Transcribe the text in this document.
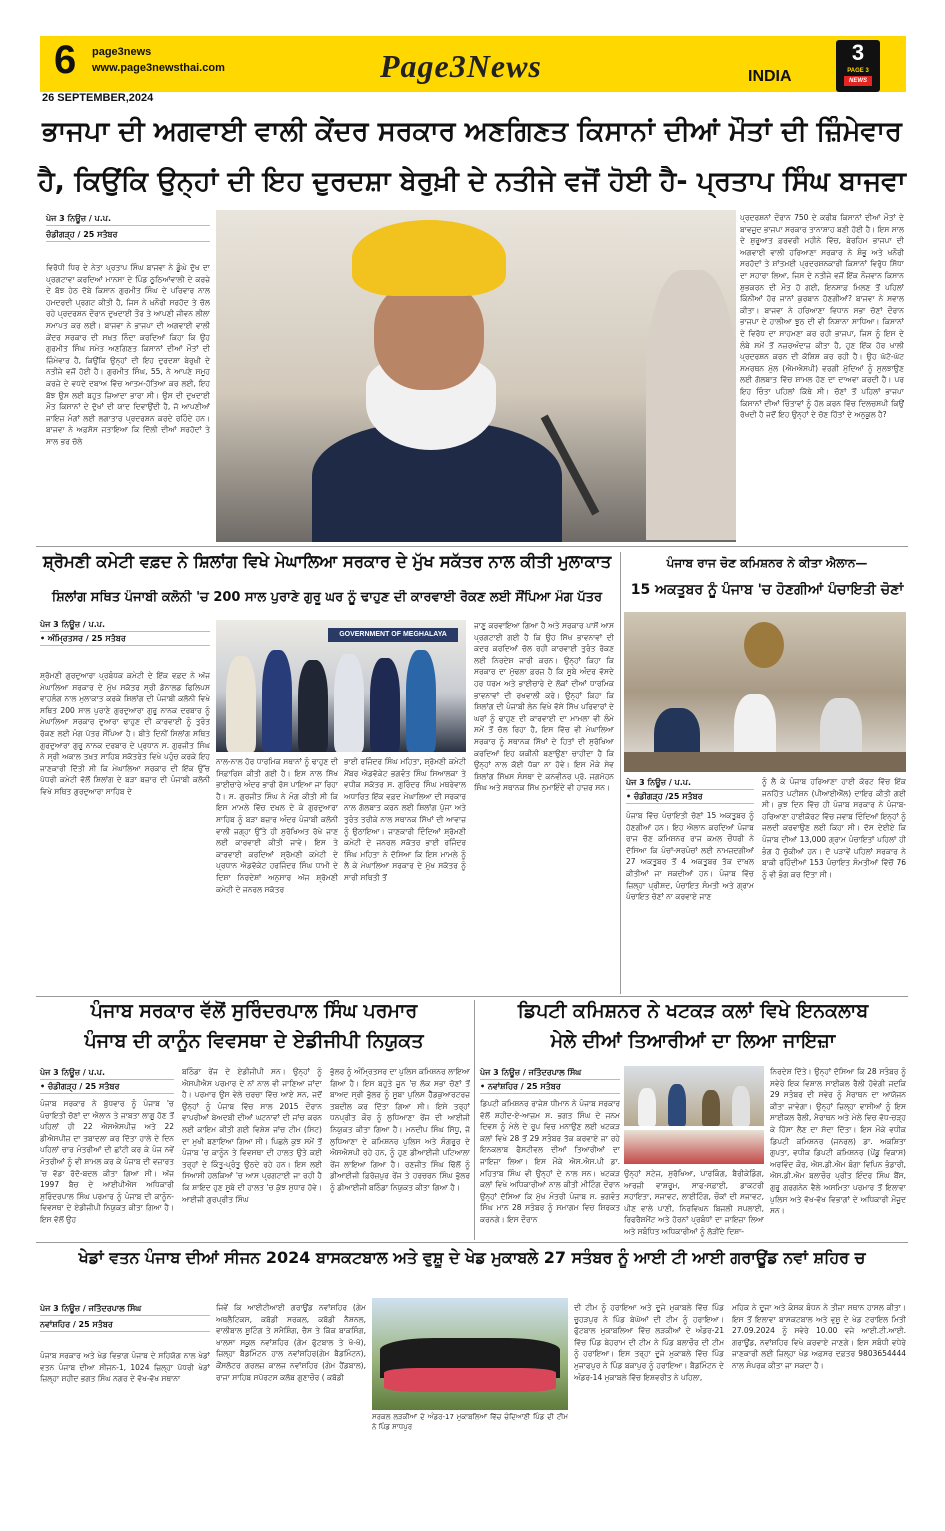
6 page3news
www.page3newsthai.com	Page3News	INDIA
3
PAGE 3
NEWS
26 SEPTEMBER,2024
ਭਾਜਪਾ ਦੀ ਅਗਵਾਈ ਵਾਲੀ ਕੇਂਦਰ ਸਰਕਾਰ ਅਣਗਿਣਤ ਕਿਸਾਨਾਂ ਦੀਆਂ ਮੌਤਾਂ ਦੀ ਜ਼ਿੰਮੇਵਾਰ
ਹੈ, ਕਿਉਂਕਿ ਉਨ੍ਹਾਂ ਦੀ ਇਹ ਦੁਰਦਸ਼ਾ ਬੇਰੁਖ਼ੀ ਦੇ ਨਤੀਜੇ ਵਜੋਂ ਹੋਈ ਹੈ- ਪ੍ਰਤਾਪ ਸਿੰਘ ਬਾਜਵਾ
ਪੇਜ 3 ਨਿਊਜ਼ / ਪ.ਪ.
ਚੰਡੀਗੜ੍ਹ / 25 ਸਤੰਬਰ
ਵਿਰੋਧੀ ਧਿਰ ਦੇ ਨੇਤਾ ਪ੍ਰਤਾਪ ਸਿੰਘ ਬਾਜਵਾ ਨੇ ਡੂੰਘੇ ਦੁੱਖ ਦਾ ਪ੍ਰਗਟਾਵਾ ਕਰਦਿਆਂ ਮਾਨਸਾ ਦੇ ਪਿੰਡ ਠੂਠਿਆਂਵਾਲੀ ਦੇ ਕਰਜ਼ੇ ਦੇ ਬੋਝ ਹੇਠ ਦੱਬੇ ਕਿਸਾਨ ਗੁਰਮੀਤ ਸਿੰਘ ਦੇ ਪਰਿਵਾਰ ਨਾਲ ਹਮਦਰਦੀ ਪ੍ਰਗਟ ਕੀਤੀ ਹੈ, ਜਿਸ ਨੇ ਖ਼ਨੌਰੀ ਸਰਹੱਦ ਤੇ ਚੱਲ ਰਹੇ ਪ੍ਰਦਰਸ਼ਨ ਦੌਰਾਨ ਦੁਖਦਾਈ ਤੌਰ ਤੇ ਆਪਣੀ ਜੀਵਨ ਲੀਲਾ ਸਮਾਪਤ ਕਰ ਲਈ। ਬਾਜਵਾ ਨੇ ਭਾਜਪਾ ਦੀ ਅਗਵਾਈ ਵਾਲੀ ਕੇਂਦਰ ਸਰਕਾਰ ਦੀ ਸਖ਼ਤ ਨਿੰਦਾ ਕਰਦਿਆਂ ਕਿਹਾ ਕਿ ਉਹ ਗੁਰਮੀਤ ਸਿੰਘ ਸਮੇਤ ਅਣਗਿਣਤ ਕਿਸਾਨਾਂ ਦੀਆਂ ਮੌਤਾਂ ਦੀ ਜ਼ਿੰਮੇਵਾਰ ਹੈ, ਕਿਉਂਕਿ ਉਨ੍ਹਾਂ ਦੀ ਇਹ ਦੁਰਦਸ਼ਾ ਬੇਰੁਖ਼ੀ ਦੇ ਨਤੀਜੇ ਵਜੋਂ ਹੋਈ ਹੈ। ਗੁਰਮੀਤ ਸਿੰਘ, 55, ਨੇ ਆਪਣੇ ਸਮੂਹ ਕਰਜ਼ੇ ਦੇ ਵਧਦੇ ਦਬਾਅ ਵਿੱਚ ਆਤਮ-ਹੱਤਿਆ ਕਰ ਲਈ, ਇਹ ਬੋਝ ਉਸ ਲਈ ਬਹੁਤ ਜ਼ਿਆਦਾ ਭਾਰਾ ਸੀ। ਉਸ ਦੀ ਦੁਖਦਾਈ ਮੌਤ ਕਿਸਾਨਾਂ ਦੇ ਦੁੱਖਾਂ ਦੀ ਯਾਦ ਦਿਵਾਉਂਦੀ ਹੈ, ਜੋ ਆਪਣੀਆਂ ਜਾਇਜ਼ ਮੰਗਾਂ ਲਈ ਲਗਾਤਾਰ ਪ੍ਰਦਰਸ਼ਨ ਕਰਦੇ ਰਹਿੰਦੇ ਹਨ। ਬਾਜਵਾ ਨੇ ਅਫ਼ਸੋਸ ਜਤਾਇਆ ਕਿ ਦਿੱਲੀ ਦੀਆਂ ਸਰਹੱਦਾਂ ਤੇ ਸਾਲ ਭਰ ਚੱਲੇ
ਪ੍ਰਦਰਸ਼ਨਾਂ ਦੌਰਾਨ 750 ਦੇ ਕਰੀਬ ਕਿਸਾਨਾਂ ਦੀਆਂ ਮੌਤਾਂ ਦੇ ਬਾਵਜੂਦ ਭਾਜਪਾ ਸਰਕਾਰ ਤਾਨਾਸ਼ਾਹ ਬਣੀ ਹੋਈ ਹੈ। ਇਸ ਸਾਲ ਦੇ ਸ਼ੁਰੂਆਤ ਫ਼ਰਵਰੀ ਮਹੀਨੇ ਵਿੱਚ, ਬੇਰਹਿਮ ਭਾਜਪਾ ਦੀ ਅਗਵਾਈ ਵਾਲੀ ਹਰਿਆਣਾ ਸਰਕਾਰ ਨੇ ਸ਼ੰਭੂ ਅਤੇ ਖਨੌਰੀ ਸਰਹੱਦਾਂ ਤੇ ਸ਼ਾਂਤਮਈ ਪ੍ਰਦਰਸ਼ਨਕਾਰੀ ਕਿਸਾਨਾਂ ਵਿਰੁੱਧ ਸਿੱਧਾ ਦਾ ਸਹਾਰਾ ਲਿਆ, ਜਿਸ ਦੇ ਨਤੀਜੇ ਵਜੋਂ ਇੱਕ ਨੌਜਵਾਨ ਕਿਸਾਨ ਸ਼ੁਭਕਰਨ ਦੀ ਮੌਤ ਹੋ ਗਈ, ਇਨਸਾਫ਼ ਮਿਲਣ ਤੋਂ ਪਹਿਲਾਂ ਕਿੰਨੀਆਂ ਹੋਰ ਜਾਨਾਂ ਕੁਰਬਾਨ ਹੋਣਗੀਆਂ? ਬਾਜਵਾ ਨੇ ਸਵਾਲ ਕੀਤਾ। ਬਾਜਵਾ ਨੇ ਹਰਿਆਣਾ ਵਿਧਾਨ ਸਭਾ ਚੋਣਾਂ ਦੌਰਾਨ ਭਾਜਪਾ ਦੇ ਹਾਲੀਆ ਝੂਠ ਦੀ ਵੀ ਨਿਸ਼ਾਨਾ ਸਾਧਿਆ। ਕਿਸਾਨਾਂ ਦੇ ਵਿਰੋਧ ਦਾ ਸਾਹਮਣਾ ਕਰ ਰਹੀ ਭਾਜਪਾ, ਜਿਸ ਨੂੰ ਇਸ ਦੇ ਲੰਬੇ ਸਮੇਂ ਤੋਂ ਨਜ਼ਰਅੰਦਾਜ਼ ਕੀਤਾ ਹੈ, ਹੁਣ ਇੱਕ ਹੋਰ ਖਾਲੀ ਪ੍ਰਦਰਸ਼ਨ ਕਰਨ ਦੀ ਕੋਸ਼ਿਸ਼ ਕਰ ਰਹੀ ਹੈ। ਉਹ ਘੱਟੋ-ਘੱਟ ਸਮਰਥਨ ਮੁੱਲ (ਐਮਐਸਪੀ) ਵਰਗੀ ਮੁੱਦਿਆਂ ਨੂੰ ਸੁਲਝਾਉਣ ਲਈ ਗੱਲਬਾਤ ਵਿੱਚ ਸ਼ਾਮਲ ਹੋਣ ਦਾ ਦਾਅਵਾ ਕਰਦੀ ਹੈ। ਪਰ ਇਹ ਚਿੰਤਾ ਪਹਿਲਾਂ ਕਿੱਥੇ ਸੀ। ਚੋਣਾਂ ਤੋਂ ਪਹਿਲਾਂ ਭਾਜਪਾ ਕਿਸਾਨਾਂ ਦੀਆਂ ਚਿੰਤਾਵਾਂ ਨੂੰ ਹੱਲ ਕਰਨ ਵਿੱਚ ਦਿਲਚਸਪੀ ਕਿਉਂ ਰੱਖਦੀ ਹੈ ਜਦੋਂ ਇਹ ਉਨ੍ਹਾਂ ਦੇ ਚੋਣ ਹਿੱਤਾਂ ਦੇ ਅਨੁਕੂਲ ਹੈ?
ਸ਼੍ਰੋਮਣੀ ਕਮੇਟੀ ਵਫ਼ਦ ਨੇ ਸ਼ਿਲਾਂਗ ਵਿਖੇ ਮੇਘਾਲਿਆ ਸਰਕਾਰ ਦੇ ਮੁੱਖ ਸਕੱਤਰ ਨਾਲ ਕੀਤੀ ਮੁਲਾਕਾਤ
ਸ਼ਿਲਾਂਗ ਸਥਿਤ ਪੰਜਾਬੀ ਕਲੋਨੀ 'ਚ 200 ਸਾਲ ਪੁਰਾਣੇ ਗੁਰੂ ਘਰ ਨੂੰ ਢਾਹੁਣ ਦੀ ਕਾਰਵਾਈ ਰੋਕਣ ਲਈ ਸੌਂਪਿਆ ਮੰਗ ਪੱਤਰ
ਪੇਜ 3 ਨਿਊਜ਼ / ਪ.ਪ.
• ਅੰਮ੍ਰਿਤਸਰ / 25 ਸਤੰਬਰ
ਸ਼੍ਰੋਮਣੀ ਗੁਰਦੁਆਰਾ ਪ੍ਰਬੰਧਕ ਕਮੇਟੀ ਦੇ ਇੱਕ ਵਫ਼ਦ ਨੇ ਅੱਜ ਮੇਘਾਲਿਆ ਸਰਕਾਰ ਦੇ ਮੁੱਖ ਸਕੱਤਰ ਸ੍ਰੀ ਡੋਨਾਲਡ ਫਿਲਿਪਸ ਵਾਹਲੰਗ ਨਾਲ ਮੁਲਾਕਾਤ ਕਰਕੇ ਸ਼ਿਲਾਂਗ ਦੀ ਪੰਜਾਬੀ ਕਲੋਨੀ ਵਿਖੇ ਸਥਿਤ 200 ਸਾਲ ਪੁਰਾਣੇ ਗੁਰਦੁਆਰਾ ਗੁਰੂ ਨਾਨਕ ਦਰਬਾਰ ਨੂੰ ਮੇਘਾਲਿਆ ਸਰਕਾਰ ਦੁਆਰਾ ਢਾਹੁਣ ਦੀ ਕਾਰਵਾਈ ਨੂੰ ਤੁਰੰਤ ਰੋਕਣ ਲਈ ਮੰਗ ਪੱਤਰ ਸੌਂਪਿਆ ਹੈ। ਬੀਤੇ ਦਿਨੀਂ ਸਿਲਾਂਗ ਸਥਿਤ ਗੁਰਦੁਆਰਾ ਗੁਰੂ ਨਾਨਕ ਦਰਬਾਰ ਦੇ ਪ੍ਰਧਾਨ ਸ. ਗੁਰਜੀਤ ਸਿੰਘ ਨੇ ਸ੍ਰੀ ਅਕਾਲ ਤਖ਼ਤ ਸਾਹਿਬ ਸਕੱਤਰੇਤ ਵਿਖੇ ਪਹੁੰਚ ਕਰਕੇ ਇਹ ਜਾਣਕਾਰੀ ਦਿੱਤੀ ਸੀ ਕਿ ਮੇਘਾਲਿਆ ਸਰਕਾਰ ਦੀ ਇੱਕ ਉੱਚ ਪੱਧਰੀ ਕਮੇਟੀ ਵੱਲੋਂ ਸ਼ਿਲਾਂਗ ਦੇ ਬੜਾ ਬਜ਼ਾਰ ਦੀ ਪੰਜਾਬੀ ਕਲੋਨੀ ਵਿਖੇ ਸਥਿਤ ਗੁਰਦੁਆਰਾ ਸਾਹਿਬ ਦੇ
GOVERNMENT OF MEGHALAYA
ਨਾਲ-ਨਾਲ ਹੋਰ ਧਾਰਮਿਕ ਸਥਾਨਾਂ ਨੂੰ ਢਾਹੁਣ ਦੀ ਸਿਫ਼ਾਰਿਸ਼ ਕੀਤੀ ਗਈ ਹੈ। ਇਸ ਨਾਲ ਸਿੱਖ ਭਾਈਚਾਰੇ ਅੰਦਰ ਭਾਰੀ ਰੋਸ ਪਾਇਆ ਜਾ ਰਿਹਾ ਹੈ। ਸ. ਗੁਰਜੀਤ ਸਿੰਘ ਨੇ ਮੰਗ ਕੀਤੀ ਸੀ ਕਿ ਇਸ ਮਾਮਲੇ ਵਿੱਚ ਦਖ਼ਲ ਦੇ ਕੇ ਗੁਰਦੁਆਰਾ ਸਾਹਿਬ ਨੂੰ ਬੜਾ ਬਜ਼ਾਰ ਅੰਦਰ ਪੰਜਾਬੀ ਕਲੋਨੀ ਵਾਲੀ ਜਗ੍ਹਾ ਉੱਤੇ ਹੀ ਸੁਰੱਖਿਅਤ ਰੱਖੇ ਜਾਣ ਲਈ ਕਾਰਵਾਈ ਕੀਤੀ ਜਾਵੇ। ਇਸ ਤੇ ਕਾਰਵਾਈ ਕਰਦਿਆਂ ਸ਼੍ਰੋਮਣੀ ਕਮੇਟੀ ਦੇ ਪ੍ਰਧਾਨ ਐਡਵੋਕੇਟ ਹਰਜਿੰਦਰ ਸਿੰਘ ਧਾਮੀ ਦੇ ਦਿਸ਼ਾ ਨਿਰਦੇਸ਼ਾਂ ਅਨੁਸਾਰ ਅੱਜ ਸ਼੍ਰੋਮਣੀ ਕਮੇਟੀ ਦੇ ਜਨਰਲ ਸਕੱਤਰ
ਭਾਈ ਰਜਿੰਦਰ ਸਿੰਘ ਮਹਿਤਾ, ਸ਼੍ਰੋਮਣੀ ਕਮੇਟੀ ਮੈਂਬਰ ਐਡਵੋਕੇਟ ਭਗਵੰਤ ਸਿੰਘ ਸਿਆਲਕਾ ਤੇ ਵਧੀਕ ਸਕੱਤਰ ਸ. ਗੁਰਿੰਦਰ ਸਿੰਘ ਮਥਰੇਵਾਲ ਅਧਾਰਿਤ ਇੱਕ ਵਫ਼ਦ ਮੇਘਾਲਿਆ ਦੀ ਸਰਕਾਰ ਨਾਲ ਗੱਲਬਾਤ ਕਰਨ ਲਈ ਸ਼ਿਲਾਂਗ ਪੁੱਜਾ ਅਤੇ ਤੁਰੰਤ ਤਰੀਕੇ ਨਾਲ ਸਥਾਨਕ ਸਿੱਖਾਂ ਦੀ ਆਵਾਜ਼ ਨੂੰ ਉਠਾਇਆ। ਜਾਣਕਾਰੀ ਦਿੰਦਿਆਂ ਸ਼੍ਰੋਮਣੀ ਕਮੇਟੀ ਦੇ ਜਨਰਲ ਸਕੱਤਰ ਭਾਈ ਰਜਿੰਦਰ ਸਿੰਘ ਮਹਿਤਾ ਨੇ ਦੱਸਿਆ ਕਿ ਇਸ ਮਾਮਲੇ ਨੂੰ ਲੈ ਕੇ ਮੇਘਾਲਿਆ ਸਰਕਾਰ ਦੇ ਮੁੱਖ ਸਕੱਤਰ ਨੂੰ ਸਾਰੀ ਸਥਿਤੀ ਤੋਂ
ਜਾਣੂ ਕਰਵਾਇਆ ਗਿਆ ਹੈ ਅਤੇ ਸਰਕਾਰ ਪਾਸੋਂ ਆਸ ਪ੍ਰਗਟਾਈ ਗਈ ਹੈ ਕਿ ਉਹ ਸਿੱਖ ਭਾਵਨਾਵਾਂ ਦੀ ਕਦਰ ਕਰਦਿਆਂ ਚੱਲ ਰਹੀ ਕਾਰਵਾਈ ਤੁਰੰਤ ਰੋਕਣ ਲਈ ਨਿਰਦੇਸ਼ ਜਾਰੀ ਕਰਨ। ਉਨ੍ਹਾਂ ਕਿਹਾ ਕਿ ਸਰਕਾਰ ਦਾ ਮੁੱਢਲਾ ਫ਼ਰਜ਼ ਹੈ ਕਿ ਸੂਬੇ ਅੰਦਰ ਵੱਸਦੇ ਹਰ ਧਰਮ ਅਤੇ ਭਾਈਚਾਰੇ ਦੇ ਲੋਕਾਂ ਦੀਆਂ ਧਾਰਮਿਕ ਭਾਵਨਾਵਾਂ ਦੀ ਰਖਵਾਲੀ ਕਰੇ। ਉਨ੍ਹਾਂ ਕਿਹਾ ਕਿ ਸ਼ਿਲਾਂਗ ਦੀ ਪੰਜਾਬੀ ਲੇਨ ਵਿਖੇ ਵੱਸੇ ਸਿੱਖ ਪਰਿਵਾਰਾਂ ਦੇ ਘਰਾਂ ਨੂੰ ਢਾਹੁਣ ਦੀ ਕਾਰਵਾਈ ਦਾ ਮਾਮਲਾ ਵੀ ਲੰਮੇ ਸਮੇਂ ਤੋਂ ਚੱਲ ਰਿਹਾ ਹੈ, ਇਸ ਵਿੱਚ ਵੀ ਮੇਘਾਲਿਆ ਸਰਕਾਰ ਨੂੰ ਸਥਾਨਕ ਸਿੱਖਾਂ ਦੇ ਹਿਤਾਂ ਦੀ ਸੁਰੱਖਿਆ ਕਰਦਿਆਂ ਇਹ ਯਕੀਨੀ ਬਣਾਉਣਾ ਚਾਹੀਦਾ ਹੈ ਕਿ ਉਨ੍ਹਾਂ ਨਾਲ ਕੋਈ ਧੱਕਾ ਨਾ ਹੋਵੇ। ਇਸ ਮੌਕੇ ਸੇਵ ਸ਼ਿਲਾਂਗ ਸਿੱਖਸ ਸੰਸਥਾ ਦੇ ਕਨਵੀਨਰ ਪ੍ਰੋ. ਜਗਮੋਹਨ ਸਿੰਘ ਅਤੇ ਸਥਾਨਕ ਸਿੱਖ ਨੁਮਾਇੰਦੇ ਵੀ ਹਾਜ਼ਰ ਸਨ।
ਪੰਜਾਬ ਰਾਜ ਚੋਣ ਕਮਿਸ਼ਨਰ ਨੇ ਕੀਤਾ ਐਲਾਨ—
15 ਅਕਤੂਬਰ ਨੂੰ ਪੰਜਾਬ 'ਚ ਹੋਣਗੀਆਂ ਪੰਚਾਇਤੀ ਚੋਣਾਂ
ਪੇਜ 3 ਨਿਊਜ਼ / ਪ.ਪ.
• ਚੰਡੀਗੜ੍ਹ /25 ਸਤੰਬਰ
ਪੰਜਾਬ ਵਿੱਚ ਪੰਚਾਇਤੀ ਚੋਣਾਂ 15 ਅਕਤੂਬਰ ਨੂੰ ਹੋਣਗੀਆਂ ਹਨ। ਇਹ ਐਲਾਨ ਕਰਦਿਆਂ ਪੰਜਾਬ ਰਾਜ ਚੋਣ ਕਮਿਸ਼ਨਰ ਰਾਜ ਕਮਲ ਚੌਧਰੀ ਨੇ ਦੱਸਿਆ ਕਿ ਪੰਚਾਂ-ਸਰਪੰਚਾਂ ਲਈ ਨਾਮਜ਼ਦਗੀਆਂ 27 ਅਕਤੂਬਰ ਤੋਂ 4 ਅਕਤੂਬਰ ਤੱਕ ਦਾਖ਼ਲ ਕੀਤੀਆਂ ਜਾ ਸਕਦੀਆਂ ਹਨ। ਪੰਜਾਬ ਵਿੱਚ ਜ਼ਿਲ੍ਹਾ ਪ੍ਰੀਸ਼ਦ, ਪੰਚਾਇਤ ਸੰਮਤੀ ਅਤੇ ਗ੍ਰਾਮ ਪੰਚਾਇਤ ਚੋਣਾਂ ਨਾ ਕਰਵਾਏ ਜਾਣ
ਨੂੰ ਲੈ ਕੇ ਪੰਜਾਬ ਹਰਿਆਣਾ ਹਾਈ ਕੋਰਟ ਵਿੱਚ ਇੱਕ ਜਨਹਿੱਤ ਪਟੀਸ਼ਨ (ਪੀਆਈਐੱਲ) ਦਾਇਰ ਕੀਤੀ ਗਈ ਸੀ। ਕੁਝ ਦਿਨ ਵਿੱਚ ਹੀ ਪੰਜਾਬ ਸਰਕਾਰ ਨੇ ਪੰਜਾਬ-ਹਰਿਆਣਾ ਹਾਈਕੋਰਟ ਵਿੱਚ ਜਵਾਬ ਦਿੰਦਿਆਂ ਇਨ੍ਹਾਂ ਨੂੰ ਜਲਦੀ ਕਰਵਾਉਣ ਲਈ ਕਿਹਾ ਸੀ। ਦੱਸ ਦੇਈਏ ਕਿ ਪੰਜਾਬ ਦੀਆਂ 13,000 ਗ੍ਰਾਮ ਪੰਚਾਇਤਾਂ ਪਹਿਲਾਂ ਹੀ ਭੰਗ ਹੋ ਚੁੱਕੀਆਂ ਹਨ। ਦੋ ਪੜਾਵੇਂ ਪਹਿਲਾਂ ਸਰਕਾਰ ਨੇ ਬਾਕੀ ਰਹਿੰਦੀਆਂ 153 ਪੰਚਾਇਤ ਸੰਮਤੀਆਂ ਵਿੱਚੋਂ 76 ਨੂੰ ਵੀ ਭੰਗ ਕਰ ਦਿੱਤਾ ਸੀ।
ਪੰਜਾਬ ਸਰਕਾਰ ਵੱਲੋਂ ਸੁਰਿੰਦਰਪਾਲ ਸਿੰਘ ਪਰਮਾਰ
ਪੰਜਾਬ ਦੀ ਕਾਨੂੰਨ ਵਿਵਸਥਾ ਦੇ ਏਡੀਜੀਪੀ ਨਿਯੁਕਤ
ਪੇਜ 3 ਨਿਊਜ਼ / ਪ.ਪ.
• ਚੰਡੀਗੜ੍ਹ / 25 ਸਤੰਬਰ
ਪੰਜਾਬ ਸਰਕਾਰ ਨੇ ਬੁੱਧਵਾਰ ਨੂੰ ਪੰਜਾਬ 'ਚ ਪੰਚਾਇਤੀ ਚੋਣਾਂ ਦਾ ਐਲਾਨ ਤੇ ਜਾਬਤਾ ਲਾਗੂ ਹੋਣ ਤੋਂ ਪਹਿਲਾਂ ਹੀ 22 ਐਸਐਸਪੀਜ਼ ਅਤੇ 22 ਡੀਐਸਪੀਜ਼ ਦਾ ਤਬਾਦਲਾ ਕਰ ਦਿੱਤਾ ਹਾਲੇ ਦੇ ਦਿਨ ਪਹਿਲਾਂ ਚਾਰ ਮੰਤਰੀਆਂ ਦੀ ਛਾਂਟੀ ਕਰ ਕੇ ਪੰਜ ਨਵੇਂ ਮੰਤਰੀਆਂ ਨੂੰ ਵੀ ਸ਼ਾਮਲ ਕਰ ਕੇ ਪੰਜਾਬ ਦੀ ਵਜ਼ਾਰਤ 'ਚ ਵੱਡਾ ਰੱਦੋ-ਬਦਲ ਕੀਤਾ ਗਿਆ ਸੀ। ਅੱਜ 1997 ਬੈਚ ਦੇ ਆਈਪੀਐਸ ਅਧਿਕਾਰੀ ਸੁਰਿੰਦਰਪਾਲ ਸਿੰਘ ਪਰਮਾਰ ਨੂੰ ਪੰਜਾਬ ਦੀ ਕਾਨੂੰਨ-ਵਿਵਸਥਾ ਦੇ ਏਡੀਜੀਪੀ ਨਿਯੁਕਤ ਕੀਤਾ ਗਿਆ ਹੈ। ਇਸ ਵੱਲੋਂ ਉਹ
ਬਠਿੰਡਾ ਰੇਂਜ ਦੇ ਏਡੀਜੀਪੀ ਸਨ। ਉਨ੍ਹਾਂ ਨੂੰ ਐਸਪੀਐਸ ਪਰਮਾਰ ਦੇ ਨਾਂ ਨਾਲ ਵੀ ਜਾਣਿਆ ਜਾਂਦਾ ਹੈ। ਪਰਮਾਰ ਉਸ ਵੇਲੇ ਚਰਚਾ ਵਿੱਚ ਆਏ ਸਨ, ਜਦੋਂ ਉਨ੍ਹਾਂ ਨੂੰ ਪੰਜਾਬ ਵਿੱਚ ਸਾਲ 2015 ਦੌਰਾਨ ਵਾਪਰੀਆਂ ਬੇਅਦਬੀ ਦੀਆਂ ਘਟਨਾਵਾਂ ਦੀ ਜਾਂਚ ਕਰਨ ਲਈ ਕਾਇਮ ਕੀਤੀ ਗਈ ਵਿਸ਼ੇਸ਼ ਜਾਂਚ ਟੀਮ (ਸਿਟ) ਦਾ ਮੁਖੀ ਬਣਾਇਆ ਗਿਆ ਸੀ। ਪਿਛਲੇ ਕੁਝ ਸਮੇਂ ਤੋਂ ਪੰਜਾਬ 'ਚ ਕਾਨੂੰਨ ਤੇ ਵਿਵਸਥਾ ਦੀ ਹਾਲਤ ਉਤੇ ਕਈ ਤਰ੍ਹਾਂ ਦੇ ਕਿੰਤੂ-ਪ੍ਰੰਤੂ ਉਠਦੇ ਰਹੇ ਹਨ। ਇਸ ਲਈ ਸਿਆਸੀ ਹਲਕਿਆਂ 'ਚ ਆਸ ਪ੍ਰਗਟਾਈ ਜਾ ਰਹੀ ਹੈ ਕਿ ਸ਼ਾਇਦ ਹੁਣ ਸੂਬੇ ਦੀ ਹਾਲਤ 'ਚ ਕੁੱਝ ਸੁਧਾਰ ਹੋਵੇ। ਆਈਜੀ ਗੁਰਪ੍ਰੀਤ ਸਿੰਘ
ਭੁੱਲਰ ਨੂੰ ਅੰਮ੍ਰਿਤਸਰ ਦਾ ਪੁਲਿਸ ਕਮਿਸ਼ਨਰ ਲਾਇਆ ਗਿਆ ਹੈ। ਇਸ ਬਹੁਤੇ ਜੂਨ 'ਚ ਲੋਕ ਸਭਾ ਚੋਣਾਂ ਤੋਂ ਬਾਅਦ ਸ੍ਰੀ ਭੁੱਲਰ ਨੂੰ ਸੂਬਾ ਪੁਲਿਸ ਹੈੱਡਕੁਆਰਟਰਜ਼ ਤਬਦੀਲ ਕਰ ਦਿੱਤਾ ਗਿਆ ਸੀ। ਇਸੇ ਤਰ੍ਹਾਂ ਧਨਪ੍ਰੀਤ ਕੌਰ ਨੂੰ ਲੁਧਿਆਣਾ ਰੇਂਜ ਦੀ ਆਈਜੀ ਨਿਯੁਕਤ ਕੀਤਾ ਗਿਆ ਹੈ। ਮਨਦੀਪ ਸਿੰਘ ਸਿੱਧੂ, ਜੋ ਲੁਧਿਆਣਾ ਦੇ ਕਮਿਸ਼ਨਰ ਪੁਲਿਸ ਅਤੇ ਸੰਗਰੂਰ ਦੇ ਐਸਐਸਪੀ ਰਹੇ ਹਨ, ਨੂੰ ਹੁਣ ਡੀਆਈਜੀ ਪਟਿਆਲਾ ਰੇਂਜ ਲਾਇਆ ਗਿਆ ਹੈ। ਰਣਜੀਤ ਸਿੰਘ ਢਿੱਲੋਂ ਨੂੰ ਡੀਆਈਜੀ ਫ਼ਿਰੋਜ਼ਪੁਰ ਰੇਂਜ ਤੇ ਹਰਚਰਨ ਸਿੰਘ ਭੁੱਲਰ ਨੂੰ ਡੀਆਈਜੀ ਬਠਿੰਡਾ ਨਿਯੁਕਤ ਕੀਤਾ ਗਿਆ ਹੈ।
ਡਿਪਟੀ ਕਮਿਸ਼ਨਰ ਨੇ ਖਟਕੜ ਕਲਾਂ ਵਿਖੇ ਇਨਕਲਾਬ
ਮੇਲੇ ਦੀਆਂ ਤਿਆਰੀਆਂ ਦਾ ਲਿਆ ਜਾਇਜ਼ਾ
ਪੇਜ 3 ਨਿਊਜ਼ / ਜਤਿੰਦਰਪਾਲ ਸਿੰਘ
• ਨਵਾਂਸ਼ਹਿਰ / 25 ਸਤੰਬਰ
ਡਿਪਟੀ ਕਮਿਸ਼ਨਰ ਰਾਜੇਸ਼ ਧੀਮਾਨ ਨੇ ਪੰਜਾਬ ਸਰਕਾਰ ਵੱਲੋਂ ਸ਼ਹੀਦ-ਏ-ਆਜ਼ਮ ਸ. ਭਗਤ ਸਿੰਘ ਦੇ ਜਨਮ ਦਿਵਸ ਨੂੰ ਮੇਲੇ ਦੇ ਰੂਪ ਵਿਚ ਮਨਾਉਣ ਲਈ ਖਟਕੜ ਕਲਾਂ ਵਿਖੇ 28 ਤੋਂ 29 ਸਤੰਬਰ ਤੱਕ ਕਰਵਾਏ ਜਾ ਰਹੇ ਇਨਕਲਾਬ ਫੈਸਟੀਵਲ ਦੀਆਂ ਤਿਆਰੀਆਂ ਦਾ ਜਾਇਜ਼ਾ ਲਿਆ। ਇਸ ਮੌਕੇ ਐਸ.ਐਸ.ਪੀ ਡਾ. ਮਹਿਤਾਬ ਸਿੰਘ ਵੀ ਉਨ੍ਹਾਂ ਦੇ ਨਾਲ ਸਨ। ਖਟਕੜ ਕਲਾਂ ਵਿਖੇ ਅਧਿਕਾਰੀਆਂ ਨਾਲ ਕੀਤੀ ਮੀਟਿੰਗ ਦੌਰਾਨ ਉਨ੍ਹਾਂ ਦੱਸਿਆ ਕਿ ਮੁੱਖ ਮੰਤਰੀ ਪੰਜਾਬ ਸ. ਭਗਵੰਤ ਸਿੰਘ ਮਾਨ 28 ਸਤੰਬਰ ਨੂੰ ਸਮਾਗਮ ਵਿਚ ਸ਼ਿਰਕਤ ਕਰਨਗੇ। ਇਸ ਦੌਰਾਨ
ਉਨ੍ਹਾਂ ਸਟੇਜ, ਸੁਰੱਖਿਆ, ਪਾਰਕਿੰਗ, ਬੈਰੀਕੇਡਿੰਗ, ਆਰਜ਼ੀ ਵਾਸ਼ਰੂਮ, ਸਾਫ-ਸਫ਼ਾਈ, ਡਾਕਟਰੀ ਸਹਾਇਤਾ, ਸਜਾਵਟ, ਲਾਈਟਿੰਗ, ਚੌਕਾਂ ਦੀ ਸਜਾਵਟ, ਪੀਣ ਵਾਲੇ ਪਾਣੀ, ਨਿਰਵਿਘਨ ਬਿਜਲੀ ਸਪਲਾਈ, ਰਿਫਰੈਸ਼ਮੈਂਟ ਅਤੇ ਹੋਰਨਾਂ ਪ੍ਰਬੰਧਾਂ ਦਾ ਜਾਇਜ਼ਾ ਲਿਆ ਅਤੇ ਸਬੰਧਿਤ ਅਧਿਕਾਰੀਆਂ ਨੂੰ ਲੋੜੀਂਦੇ ਦਿਸ਼ਾ-
ਨਿਰਦੇਸ਼ ਦਿੱਤੇ। ਉਨ੍ਹਾਂ ਦੱਸਿਆ ਕਿ 28 ਸਤੰਬਰ ਨੂੰ ਸਵੇਰੇ ਇਕ ਵਿਸ਼ਾਲ ਸਾਈਕਲ ਰੈਲੀ ਹੋਵੇਗੀ ਜਦਕਿ 29 ਸਤੰਬਰ ਦੀ ਸਵੇਰ ਨੂੰ ਮੈਰਾਥਨ ਦਾ ਆਯੋਜਨ ਕੀਤਾ ਜਾਵੇਗਾ। ਉਨ੍ਹਾਂ ਜ਼ਿਲ੍ਹਾ ਵਾਸੀਆਂ ਨੂੰ ਇਸ ਸਾਈਕਲ ਰੈਲੀ, ਮੈਰਾਥਨ ਅਤੇ ਮੇਲੇ ਵਿਚ ਵੱਧ-ਚੜ੍ਹ ਕੇ ਹਿੱਸਾ ਲੈਣ ਦਾ ਸੱਦਾ ਦਿੱਤਾ। ਇਸ ਮੌਕੇ ਵਧੀਕ ਡਿਪਟੀ ਕਮਿਸ਼ਨਰ (ਜਨਰਲ) ਡਾ. ਅਕਸ਼ਿਤਾ ਗੁਪਤਾ, ਵਧੀਕ ਡਿਪਟੀ ਕਮਿਸ਼ਨਰ (ਪੇਂਡੂ ਵਿਕਾਸ) ਅਰਵਿੰਦ ਕੌਰ, ਐਸ.ਡੀ.ਐਮ ਬੰਗਾ ਵਿਪਿਨ ਭੰਡਾਰੀ, ਐਸ.ਡੀ.ਐਮ ਬਲਾਚੌਰ ਪ੍ਰੀਤ ਇੰਦਰ ਸਿੰਘ ਬੈਂਸ, ਗੁਰੂ ਗਰਗਨੇਨ ਵੈਲੇ ਅਸਮਿਤਾ ਪਰਮਾਰ ਤੋਂ ਇਲਾਵਾ ਪੁਲਿਸ ਅਤੇ ਵੱਖ-ਵੱਖ ਵਿਭਾਗਾਂ ਦੇ ਅਧਿਕਾਰੀ ਮੌਜੂਦ ਸਨ।
ਖੇਡਾਂ ਵਤਨ ਪੰਜਾਬ ਦੀਆਂ ਸੀਜਨ 2024 ਬਾਸਕਟਬਾਲ ਅਤੇ ਵੁਸ਼ੂ ਦੇ ਖੇਡ ਮੁਕਾਬਲੇ 27 ਸਤੰਬਰ ਨੂੰ ਆਈ ਟੀ ਆਈ ਗਰਾਊਂਡ ਨਵਾਂ ਸ਼ਹਿਰ ਚ
ਪੇਜ 3 ਨਿਊਜ਼ / ਜਤਿੰਦਰਪਾਲ ਸਿੰਘ
ਨਵਾਂਸ਼ਹਿਰ / 25 ਸਤੰਬਰ
ਪੰਜਾਬ ਸਰਕਾਰ ਅਤੇ ਖੇਡ ਵਿਭਾਗ ਪੰਜਾਬ ਦੇ ਸਹਿਯੋਗ ਨਾਲ ਖੇਡਾਂ ਵਤਨ ਪੰਜਾਬ ਦੀਆ ਸੀਜਨ-1, 1024 ਜ਼ਿਲ੍ਹਾ ਪੱਧਰੀ ਖੇਡਾਂ ਜ਼ਿਲ੍ਹਾ ਸ਼ਹੀਦ ਭਗਤ ਸਿੰਘ ਨਗਰ ਦੇ ਵੱਖ-ਵੱਖ ਸਥਾਨਾ
ਜਿਵੇਂ ਕਿ ਆਈਟੀਆਈ ਗਰਾਊਂਡ ਨਵਾਂਸ਼ਹਿਰ (ਗੇਮ ਅਥਲੈਟਿਕਸ, ਕਬੱਡੀ ਸਰਕਲ, ਕਬੱਡੀ ਨੈਸ਼ਨਲ, ਵਾਲੀਬਾਲ ਸ਼ੂਟਿੰਗ ਤੇ ਸਮੈਸ਼ਿੰਗ, ਚੈਸ ਤੇ ਕਿੱਕ ਬਾਕਸਿੰਗ, ਖਾਲਸਾ ਸਕੂਲ ਨਵਾਂਸ਼ਹਿਰ (ਗੇਮ ਫੁੱਟਬਾਲ ਤੇ ਖੋ-ਖੋ), ਜ਼ਿਲ੍ਹਾ ਬੈਡਮਿੰਟਨ ਹਾਲ ਨਵਾਂਸ਼ਹਿਰ(ਗੇਮ ਬੈਡਮਿੰਟਨ), ਕੌਂਸਲੋਟਰ ਗਰਲਜ਼ ਕਾਲਜ ਨਵਾਂਸ਼ਹਿਰ (ਗੇਮ ਹੈਂਡਬਾਲ), ਰਾਜਾ ਸਾਹਿਬ ਸਪੋਰਟਸ ਕਲੱਬ ਗੁਣਾਚੌਰ ( ਕਬੱਡੀ
ਸਰਕਲ ਲੜਕੀਆਂ ਦੇ ਅੰਡਰ-17 ਮੁਕਾਬਲਿਆਂ ਵਿੱਚ ਚੰਦਿਆਣੀ ਪਿੰਡ ਦੀ ਟੀਮ ਨੇ ਪਿੰਡ ਸਾਧਪੁਰ
ਦੀ ਟੀਮ ਨੂੰ ਹਰਾਇਆ ਅਤੇ ਦੂਜੇ ਮੁਕਾਬਲੇ ਵਿੱਚ ਪਿੰਡ ਚੂਹੜਪੁਰ ਨੇ ਪਿੰਡ ਬੇਘੋਆਂ ਦੀ ਟੀਮ ਨੂੰ ਹਰਾਇਆ। ਫੁੱਟਬਾਲ ਮੁਕਾਬਲਿਆ ਵਿੱਚ ਲੜਕੀਆਂ ਦੇ ਅੰਡਰ-21 ਵਿੱਚ ਪਿੰਡ ਬੇਹਰਾਮ ਦੀ ਟੀਮ ਨੇ ਪਿੰਡ ਬਲਾਚੌਰ ਦੀ ਟੀਮ ਨੂੰ ਹਰਾਇਆ। ਇਸ ਤਰ੍ਹਾ ਦੂਜੇ ਮੁਕਾਬਲੇ ਵਿੱਚ ਪਿੰਡ ਮੁਜਾਫਪੁਰ ਨੇ ਪਿੰਡ ਬਕਾਪੁਰ ਨੂੰ ਹਰਾਇਆ। ਬੈਡਮਿੰਟਨ ਦੇ ਅੰਡਰ-14 ਮੁਕਾਬਲੇ ਵਿੱਚ ਇਸ਼ਵਰੀਤ ਨੇ ਪਹਿਲਾ,
ਮਹਿਕ ਨੇ ਦੂਜਾ ਅਤੇ ਕੰਸਕ ਬੰਧਨ ਨੇ ਤੀਜਾ ਸਥਾਨ ਹਾਸਲ ਕੀਤਾ। ਇਸ ਤੋਂ ਇਲਾਵਾ ਬਾਸਕਟਬਾਲ ਅਤੇ ਵੁਸ਼ੂ ਦੇ ਖੇਡ ਟਰਾਇਲ ਮਿਤੀ 27.09.2024 ਨੂੰ ਸਵੇਰੇ 10.00 ਵਜੇ ਆਈ.ਟੀ.ਆਈ. ਗਰਾਊਂਡ, ਨਵਾਂਸ਼ਹਿਰ ਵਿਖੇ ਕਰਵਾਏ ਜਾਣਗੇ। ਇਸ ਸਬੰਧੀ ਵਧੇਰੇ ਜਾਣਕਾਰੀ ਲਈ ਜ਼ਿਲ੍ਹਾ ਖੇਡ ਅਫ਼ਸਰ ਦਫ਼ਤਰ 9803654444 ਨਾਲ ਸੰਪਰਕ ਕੀਤਾ ਜਾ ਸਕਦਾ ਹੈ।
